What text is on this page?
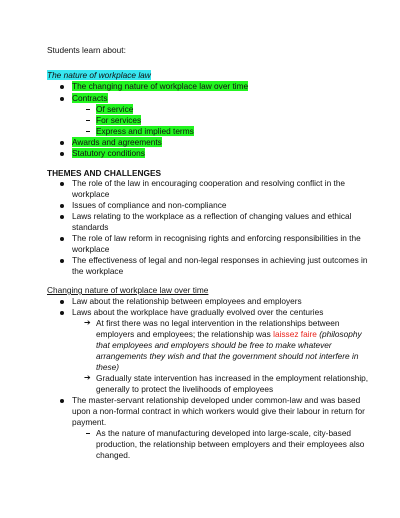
Students learn about:
The nature of workplace law
The changing nature of workplace law over time
Contracts
Of service
For services
Express and implied terms
Awards and agreements
Statutory conditions
THEMES AND CHALLENGES
The role of the law in encouraging cooperation and resolving conflict in the
workplace
Issues of compliance and non-compliance
Laws relating to the workplace as a reflection of changing values and ethical
standards
The role of law reform in recognising rights and enforcing responsibilities in the
workplace
The effectiveness of legal and non-legal responses in achieving just outcomes in
the workplace
Changing nature of workplace law over time
Law about the relationship between employees and employers
Laws about the workplace have gradually evolved over the centuries
➔ At first there was no legal intervention in the relationships between
employers and employees; the relationship was laissez faire (philosophy
that employees and employers should be free to make whatever
arrangements they wish and that the government should not interfere in
these)
➔ Gradually state intervention has increased in the employment relationship,
generally to protect the livelihoods of employees
The master-servant relationship developed under common-law and was based
upon a non-formal contract in which workers would give their labour in return for
payment.
As the nature of manufacturing developed into large-scale, city-based
production, the relationship between employers and their employees also
changed.
